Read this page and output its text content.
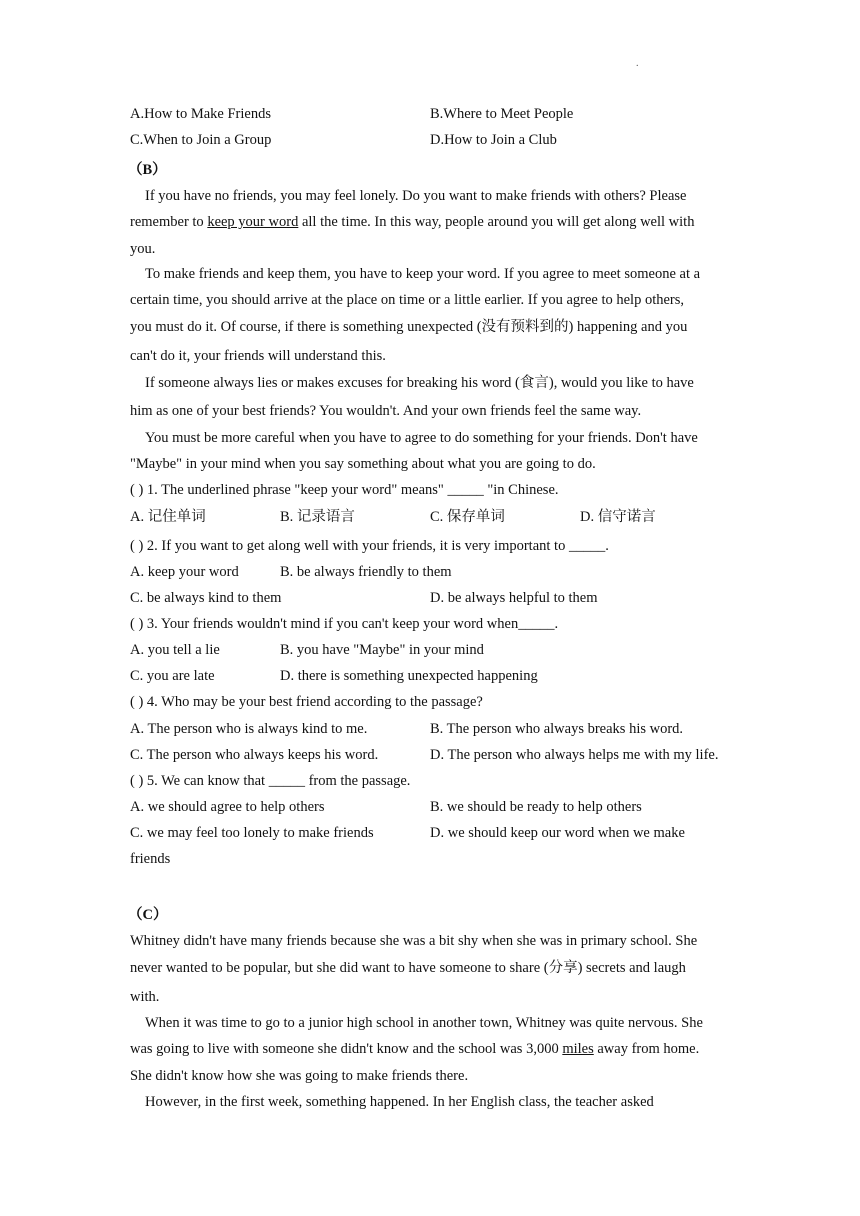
.
A.How to Make Friends	B.Where to Meet People
C.When to Join a Group	D.How to Join a Club
（B）
If you have no friends, you may feel lonely. Do you want to make friends with others? Please
remember to keep your word all the time. In this way, people around you will get along well with
you.
To make friends and keep them, you have to keep your word. If you agree to meet someone at a
certain time, you should arrive at the place on time or a little earlier. If you agree to help others,
you must do it. Of course, if there is something unexpected (没有预料到的) happening and you
can't do it, your friends will understand this.
If someone always lies or makes excuses for breaking his word (食言), would you like to have
him as one of your best friends? You wouldn't. And your own friends feel the same way.
You must be more careful when you have to agree to do something for your friends. Don't have
"Maybe" in your mind when you say something about what you are going to do.
( ) 1. The underlined phrase "keep your word" means" _____ "in Chinese.
A. 记住单词	B. 记录语言	C. 保存单词	D. 信守诺言
( ) 2. If you want to get along well with your friends, it is very important to _____.
A. keep your word	B. be always friendly to them
C. be always kind to them	D. be always helpful to them
( ) 3. Your friends wouldn't mind if you can't keep your word when_____.
A. you tell a lie	B. you have "Maybe" in your mind
C. you are late	D. there is something unexpected happening
( ) 4. Who may be your best friend according to the passage?
A. The person who is always kind to me.	B. The person who always breaks his word.
C. The person who always keeps his word.	D. The person who always helps me with my life.
( ) 5. We can know that _____ from the passage.
A. we should agree to help others	B. we should be ready to help others
C. we may feel too lonely to make friends	D. we should keep our word when we make
friends
（C）
Whitney didn't have many friends because she was a bit shy when she was in primary school. She
never wanted to be popular, but she did want to have someone to share (分享) secrets and laugh
with.
When it was time to go to a junior high school in another town, Whitney was quite nervous. She
was going to live with someone she didn't know and the school was 3,000 miles away from home.
She didn't know how she was going to make friends there.
However, in the first week, something happened. In her English class, the teacher asked
